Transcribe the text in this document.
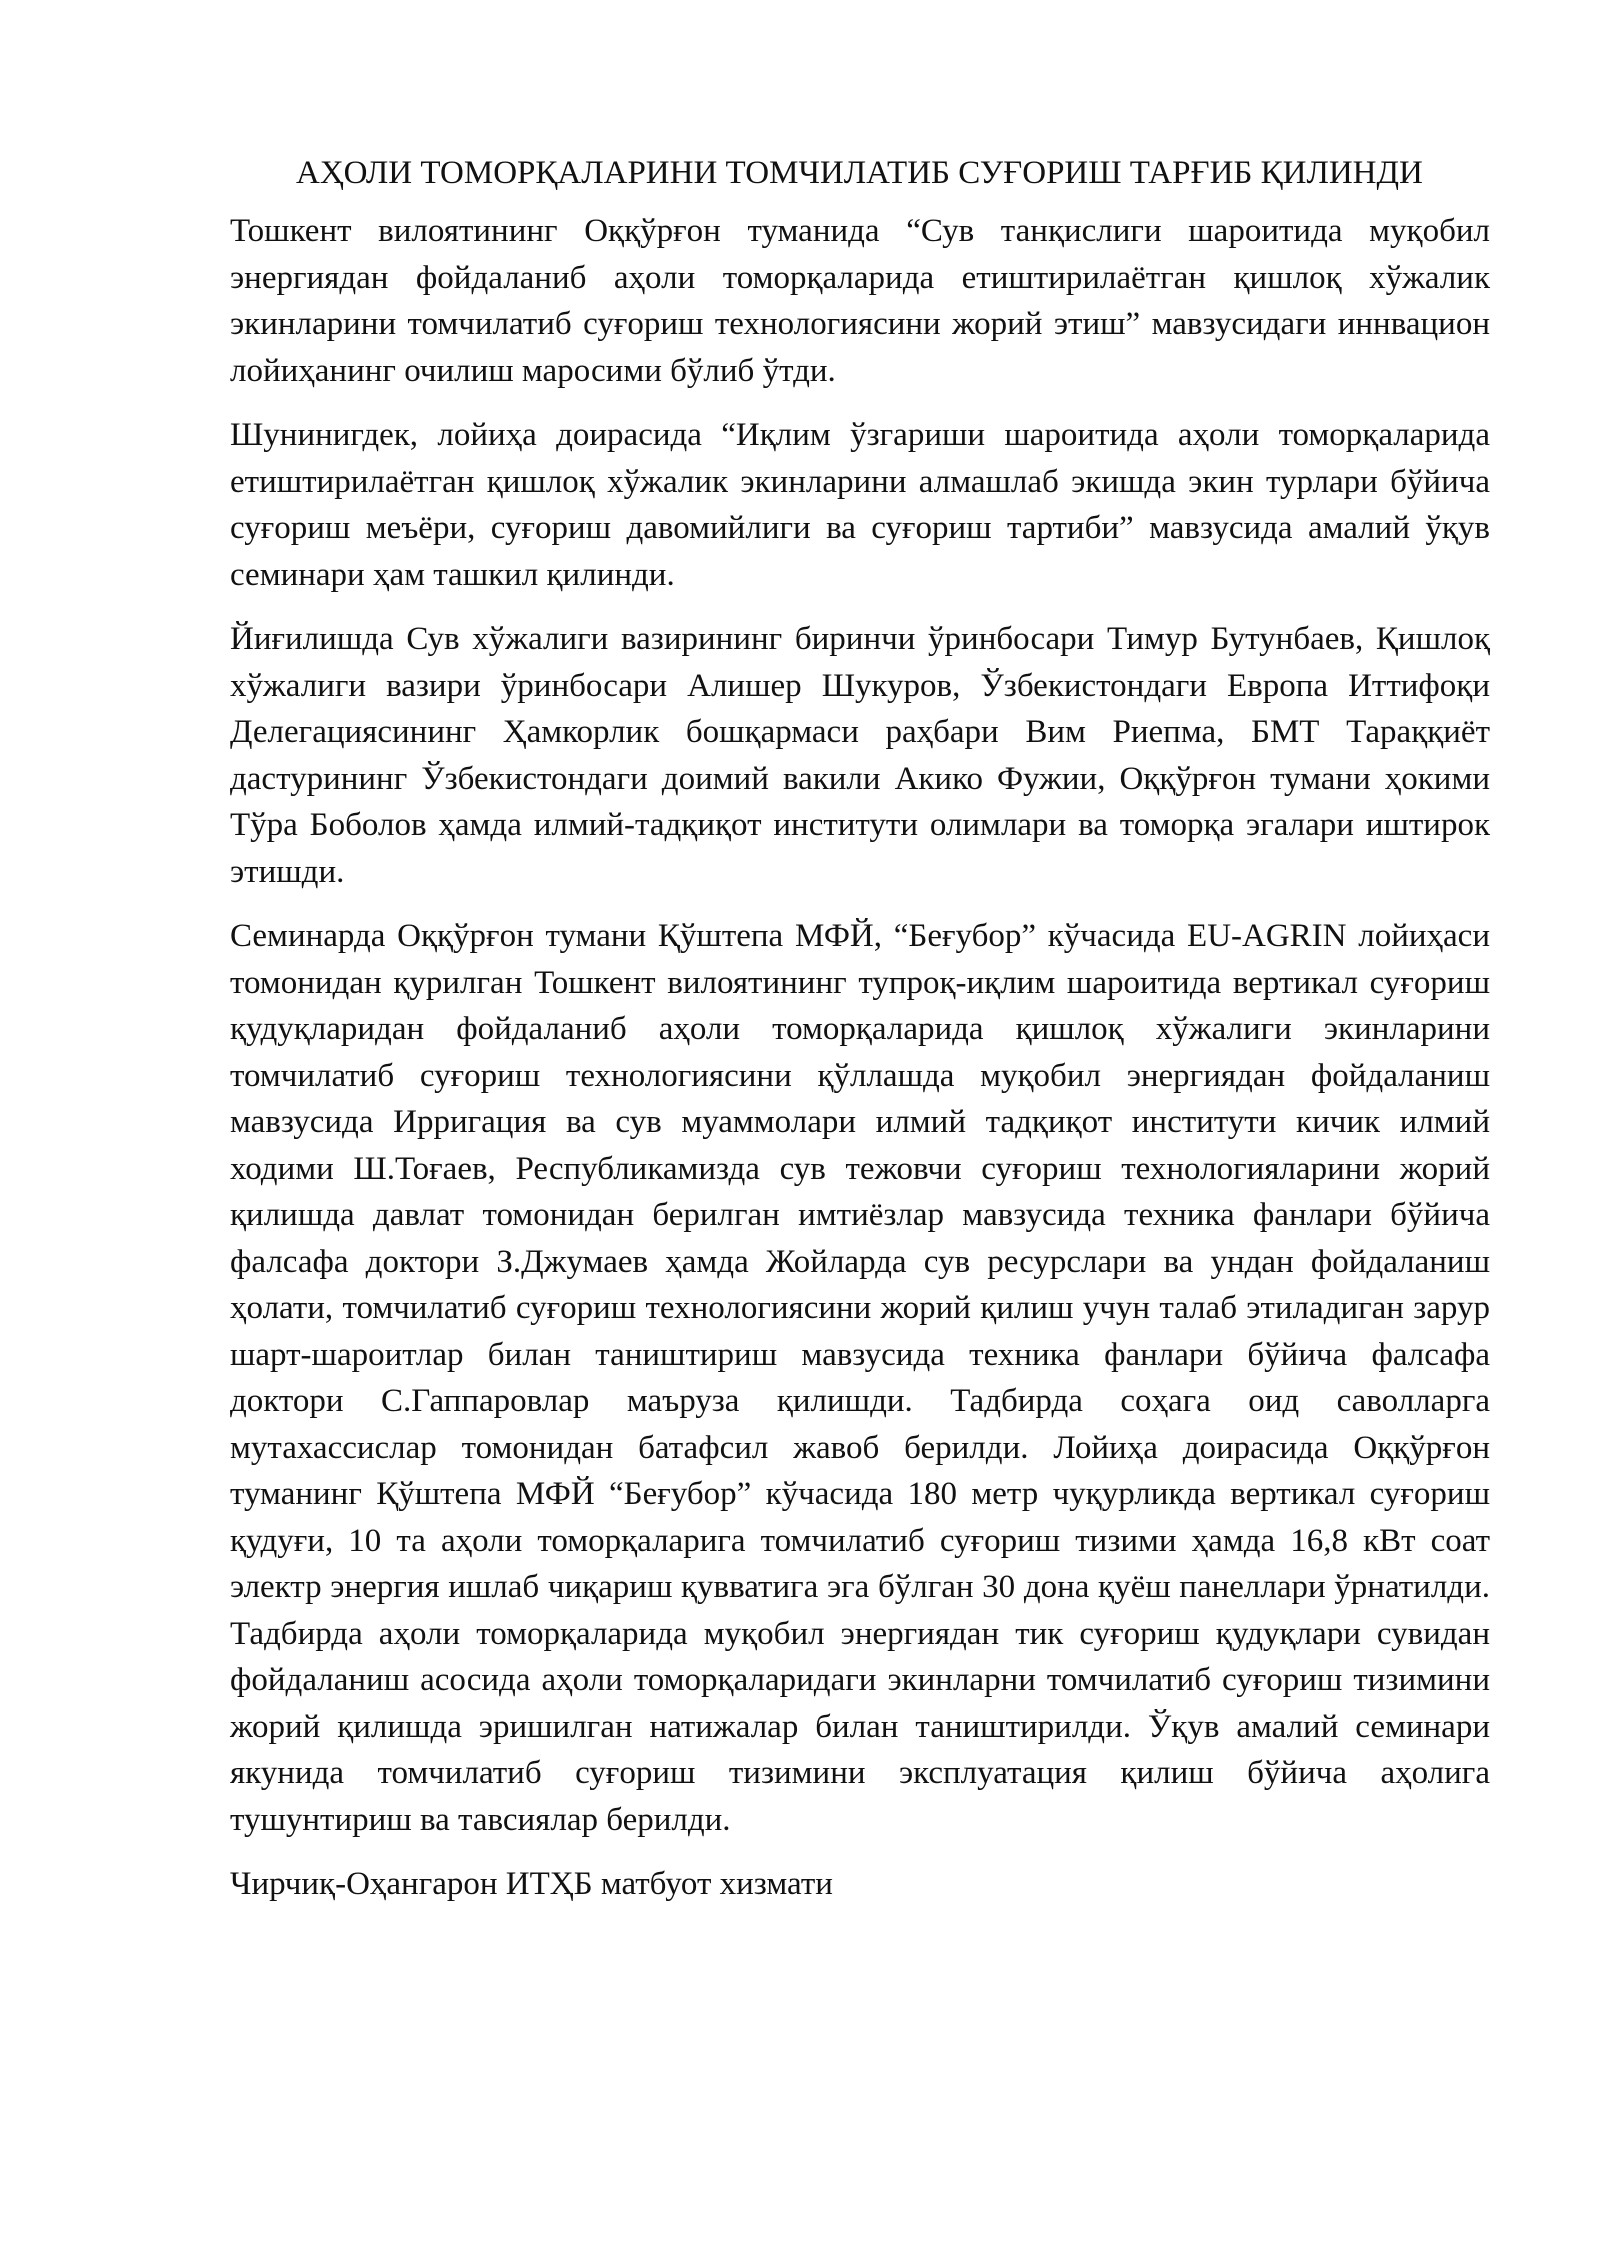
АҲОЛИ ТОМОРҚАЛАРИНИ ТОМЧИЛАТИБ СУҒОРИШ ТАРҒИБ ҚИЛИНДИ

Тошкент вилоятининг Оққўрғон туманида “Сув танқислиги шароитида муқобил энергиядан фойдаланиб аҳоли томорқаларида етиштирилаётган қишлоқ хўжалик экинларини томчилатиб суғориш технологиясини жорий этиш” мавзусидаги иннвацион лойиҳанинг очилиш маросими бўлиб ўтди.

Шунинигдек, лойиҳа доирасида “Иқлим ўзгариши шароитида аҳоли томорқаларида етиштирилаётган қишлоқ хўжалик экинларини алмашлаб экишда экин турлари бўйича суғориш меъёри, суғориш давомийлиги ва суғориш тартиби” мавзусида амалий ўқув семинари ҳам ташкил қилинди.

Йиғилишда Сув хўжалиги вазирининг биринчи ўринбосари Тимур Бутунбаев, Қишлоқ хўжалиги вазири ўринбосари Алишер Шукуров, Ўзбекистондаги Европа Иттифоқи Делегациясининг Ҳамкорлик бошқармаси раҳбари Вим Риепма, БМТ Тараққиёт дастурининг Ўзбекистондаги доимий вакили Акико Фужии, Оққўрғон тумани ҳокими Тўра Боболов ҳамда илмий-тадқиқот институти олимлари ва томорқа эгалари иштирок этишди.

Семинарда Оққўрғон тумани Қўштепа МФЙ, “Беғубор” кўчасида EU-AGRIN лойиҳаси томонидан қурилган Тошкент вилоятининг тупроқ-иқлим шароитида вертикал суғориш қудуқларидан фойдаланиб аҳоли томорқаларида қишлоқ хўжалиги экинларини томчилатиб суғориш технологиясини қўллашда муқобил энергиядан фойдаланиш мавзусида Ирригация ва сув муаммолари илмий тадқиқот институти кичик илмий ходими Ш.Тоғаев, Республикамизда сув тежовчи суғориш технологияларини жорий қилишда давлат томонидан берилган имтиёзлар мавзусида техника фанлари бўйича фалсафа доктори З.Джумаев ҳамда Жойларда сув ресурслари ва ундан фойдаланиш ҳолати, томчилатиб суғориш технологиясини жорий қилиш учун талаб этиладиган зарур шарт-шароитлар билан таништириш мавзусида техника фанлари бўйича фалсафа доктори С.Гаппаровлар маъруза қилишди. Тадбирда соҳага оид саволларга мутахассислар томонидан батафсил жавоб берилди. Лойиҳа доирасида Оққўрғон туманинг Қўштепа МФЙ “Беғубор” кўчасида 180 метр чуқурликда вертикал суғориш қудуғи, 10 та аҳоли томорқаларига томчилатиб суғориш тизими ҳамда 16,8 кВт соат электр энергия ишлаб чиқариш қувватига эга бўлган 30 дона қуёш панеллари ўрнатилди. Тадбирда аҳоли томорқаларида муқобил энергиядан тик суғориш қудуқлари сувидан фойдаланиш асосида аҳоли томорқаларидаги экинларни томчилатиб суғориш тизимини жорий қилишда эришилган натижалар билан таништирилди. Ўқув амалий семинари якунида томчилатиб суғориш тизимини эксплуатация қилиш бўйича аҳолига тушунтириш ва тавсиялар берилди.

Чирчиқ-Оҳангарон ИТҲБ матбуот хизмати
